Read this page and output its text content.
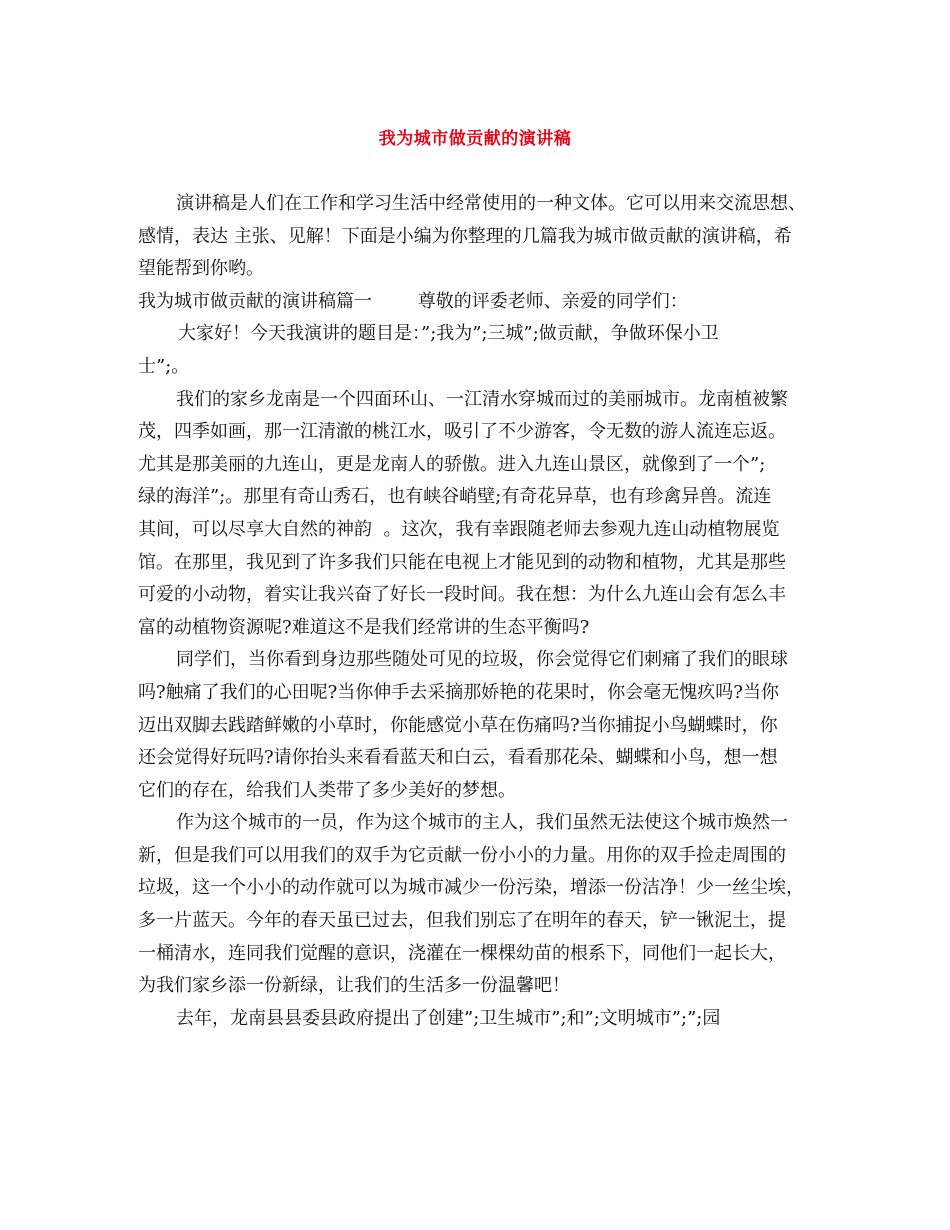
我为城市做贡献的演讲稿
演讲稿是人们在工作和学习生活中经常使用的一种文体。它可以用来交流思想、
感情，表达 主张、见解！下面是小编为你整理的几篇我为城市做贡献的演讲稿，希
望能帮到你哟。
我为城市做贡献的演讲稿篇一        尊敬的评委老师、亲爱的同学们：
大家好！今天我演讲的题目是：”;我为”;三城”;做贡献，争做环保小卫
士”;。
我们的家乡龙南是一个四面环山、一江清水穿城而过的美丽城市。龙南植被繁
茂，四季如画，那一江清澈的桃江水，吸引了不少游客，令无数的游人流连忘返。
尤其是那美丽的九连山，更是龙南人的骄傲。进入九连山景区，就像到了一个”;
绿的海洋”;。那里有奇山秀石，也有峡谷峭壁;有奇花异草，也有珍禽异兽。流连
其间，可以尽享大自然的神韵  。这次，我有幸跟随老师去参观九连山动植物展览
馆。在那里，我见到了许多我们只能在电视上才能见到的动物和植物，尤其是那些
可爱的小动物，着实让我兴奋了好长一段时间。我在想：为什么九连山会有怎么丰
富的动植物资源呢?难道这不是我们经常讲的生态平衡吗?
同学们，当你看到身边那些随处可见的垃圾，你会觉得它们刺痛了我们的眼球
吗?触痛了我们的心田呢?当你伸手去采摘那娇艳的花果时，你会毫无愧疚吗?当你
迈出双脚去践踏鲜嫩的小草时，你能感觉小草在伤痛吗?当你捕捉小鸟蝴蝶时，你
还会觉得好玩吗?请你抬头来看看蓝天和白云，看看那花朵、蝴蝶和小鸟，想一想
它们的存在，给我们人类带了多少美好的梦想。
作为这个城市的一员，作为这个城市的主人，我们虽然无法使这个城市焕然一
新，但是我们可以用我们的双手为它贡献一份小小的力量。用你的双手捡走周围的
垃圾，这一个小小的动作就可以为城市减少一份污染，增添一份洁净！少一丝尘埃，
多一片蓝天。今年的春天虽已过去，但我们别忘了在明年的春天，铲一锹泥土，提
一桶清水，连同我们觉醒的意识，浇灌在一棵棵幼苗的根系下，同他们一起长大，
为我们家乡添一份新绿，让我们的生活多一份温馨吧！
去年，龙南县县委县政府提出了创建”;卫生城市”;和”;文明城市”;”;园
